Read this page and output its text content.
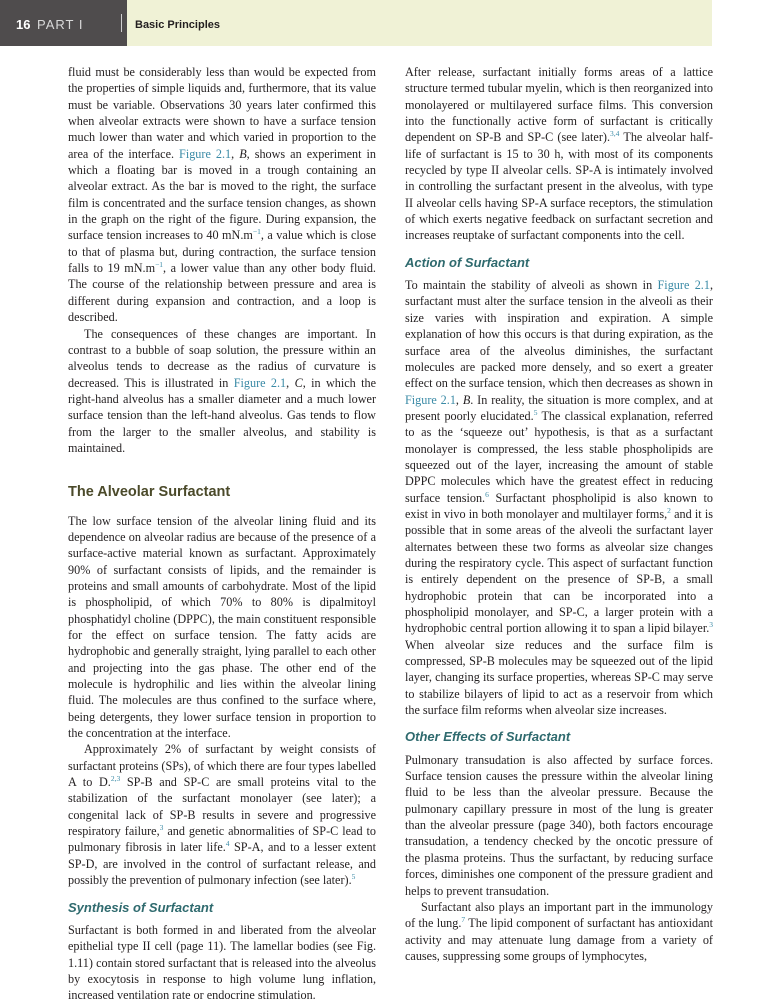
16 PART I	Basic Principles

fluid must be considerably less than would be expected from the properties of simple liquids and, furthermore, that its value must be variable. Observations 30 years later confirmed this when alveolar extracts were shown to have a surface tension much lower than water and which varied in proportion to the area of the interface. Figure 2.1, B, shows an experiment in which a floating bar is moved in a trough containing an alveolar extract. As the bar is moved to the right, the surface film is concentrated and the surface tension changes, as shown in the graph on the right of the figure. During expansion, the surface tension increases to 40 $mN.m^{-1}$, a value which is close to that of plasma but, during contraction, the surface tension falls to 19 $mN.m^{-1}$, a lower value than any other body fluid. The course of the relationship between pressure and area is different during expansion and contraction, and a loop is described.

The consequences of these changes are important. In contrast to a bubble of soap solution, the pressure within an alveolus tends to decrease as the radius of curvature is decreased. This is illustrated in Figure 2.1, C, in which the right-hand alveolus has a smaller diameter and a much lower surface tension than the left-hand alveolus. Gas tends to flow from the larger to the smaller alveolus, and stability is maintained.

The Alveolar Surfactant

The low surface tension of the alveolar lining fluid and its dependence on alveolar radius are because of the presence of a surface-active material known as surfactant. Approximately 90% of surfactant consists of lipids, and the remainder is proteins and small amounts of carbohydrate. Most of the lipid is phospholipid, of which 70% to 80% is dipalmitoyl phosphatidyl choline (DPPC), the main constituent responsible for the effect on surface tension. The fatty acids are hydrophobic and generally straight, lying parallel to each other and projecting into the gas phase. The other end of the molecule is hydrophilic and lies within the alveolar lining fluid. The molecules are thus confined to the surface where, being detergents, they lower surface tension in proportion to the concentration at the interface.

Approximately 2% of surfactant by weight consists of surfactant proteins (SPs), of which there are four types labelled A to D.$^{2,3}$ SP-B and SP-C are small proteins vital to the stabilization of the surfactant monolayer (see later); a congenital lack of SP-B results in severe and progressive respiratory failure,$^3$ and genetic abnormalities of SP-C lead to pulmonary fibrosis in later life.$^4$ SP-A, and to a lesser extent SP-D, are involved in the control of surfactant release, and possibly the prevention of pulmonary infection (see later).$^5$

Synthesis of Surfactant

Surfactant is both formed in and liberated from the alveolar epithelial type II cell (page 11). The lamellar bodies (see Fig. 1.11) contain stored surfactant that is released into the alveolus by exocytosis in response to high volume lung inflation, increased ventilation rate or endocrine stimulation.

After release, surfactant initially forms areas of a lattice structure termed tubular myelin, which is then reorganized into monolayered or multilayered surface films. This conversion into the functionally active form of surfactant is critically dependent on SP-B and SP-C (see later).$^{3,4}$ The alveolar half-life of surfactant is 15 to 30 h, with most of its components recycled by type II alveolar cells. SP-A is intimately involved in controlling the surfactant present in the alveolus, with type II alveolar cells having SP-A surface receptors, the stimulation of which exerts negative feedback on surfactant secretion and increases reuptake of surfactant components into the cell.

Action of Surfactant

To maintain the stability of alveoli as shown in Figure 2.1, surfactant must alter the surface tension in the alveoli as their size varies with inspiration and expiration. A simple explanation of how this occurs is that during expiration, as the surface area of the alveolus diminishes, the surfactant molecules are packed more densely, and so exert a greater effect on the surface tension, which then decreases as shown in Figure 2.1, B. In reality, the situation is more complex, and at present poorly elucidated.$^5$ The classical explanation, referred to as the ‘squeeze out’ hypothesis, is that as a surfactant monolayer is compressed, the less stable phospholipids are squeezed out of the layer, increasing the amount of stable DPPC molecules which have the greatest effect in reducing surface tension.$^6$ Surfactant phospholipid is also known to exist in vivo in both monolayer and multilayer forms,$^2$ and it is possible that in some areas of the alveoli the surfactant layer alternates between these two forms as alveolar size changes during the respiratory cycle. This aspect of surfactant function is entirely dependent on the presence of SP-B, a small hydrophobic protein that can be incorporated into a phospholipid monolayer, and SP-C, a larger protein with a hydrophobic central portion allowing it to span a lipid bilayer.$^3$ When alveolar size reduces and the surface film is compressed, SP-B molecules may be squeezed out of the lipid layer, changing its surface properties, whereas SP-C may serve to stabilize bilayers of lipid to act as a reservoir from which the surface film reforms when alveolar size increases.

Other Effects of Surfactant

Pulmonary transudation is also affected by surface forces. Surface tension causes the pressure within the alveolar lining fluid to be less than the alveolar pressure. Because the pulmonary capillary pressure in most of the lung is greater than the alveolar pressure (page 340), both factors encourage transudation, a tendency checked by the oncotic pressure of the plasma proteins. Thus the surfactant, by reducing surface forces, diminishes one component of the pressure gradient and helps to prevent transudation.

Surfactant also plays an important part in the immunology of the lung.$^7$ The lipid component of surfactant has antioxidant activity and may attenuate lung damage from a variety of causes, suppressing some groups of lymphocytes,
